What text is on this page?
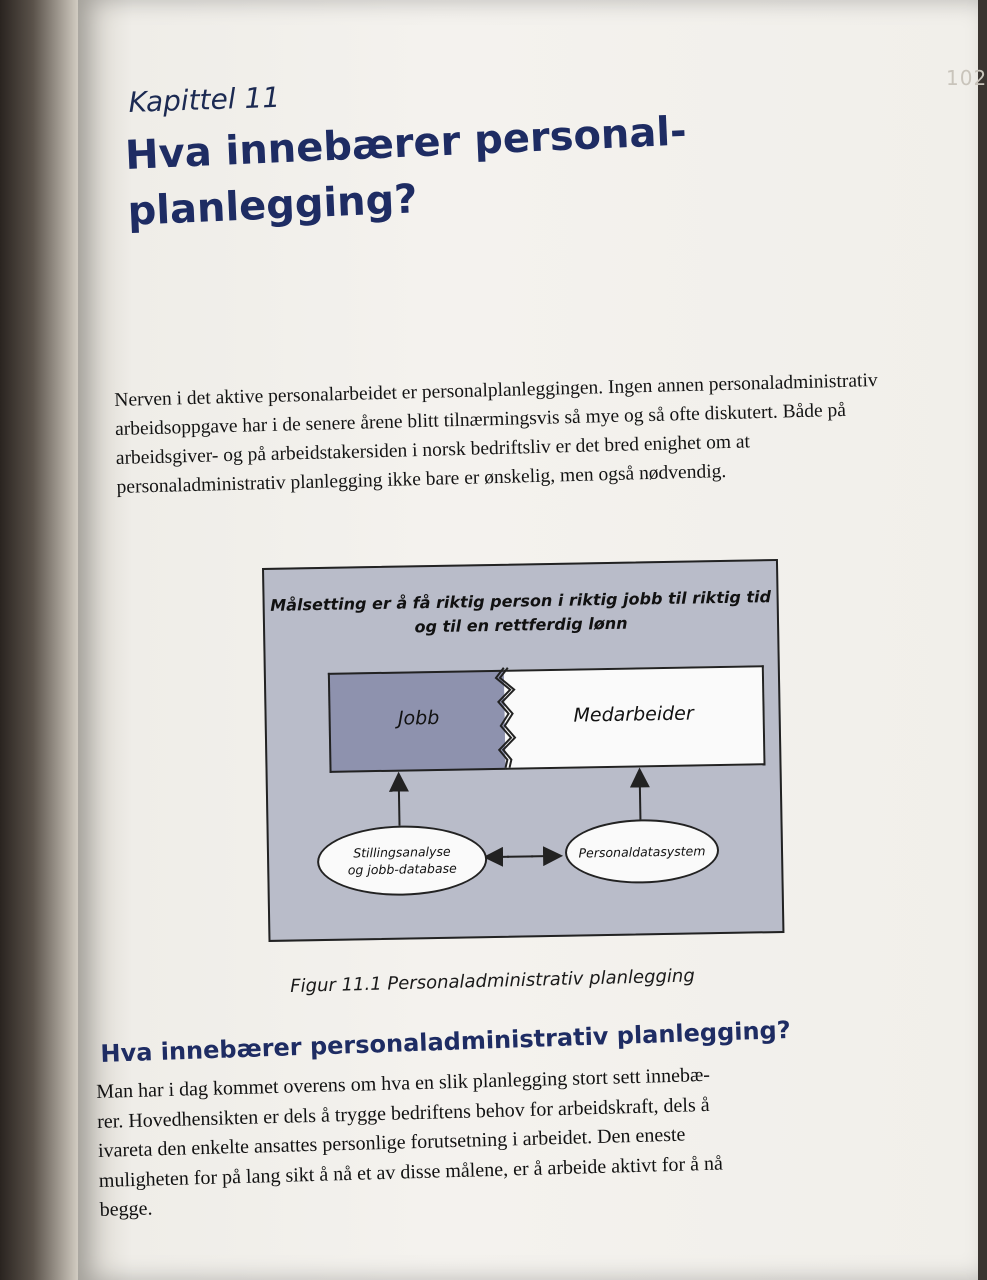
102

Kapittel 11

Hva innebærer personal-planlegging?

Nerven i det aktive personalarbeidet er personalplanleggingen. Ingen annen personaladministrativ arbeidsoppgave har i de senere årene blitt tilnærmingsvis så mye og så ofte diskutert. Både på arbeidsgiver- og på arbeidstakersiden i norsk bedriftsliv er det bred enighet om at personaladministrativ planlegging ikke bare er ønskelig, men også nødvendig.

Målsetting er å få riktig person i riktig jobb til riktig tid og til en rettferdig lønn

Jobb	Medarbeider

Stillingsanalyse
og jobb-database
Personaldatasystem

Figur 11.1 Personaladministrativ planlegging

Hva innebærer personaladministrativ planlegging?

Man har i dag kommet overens om hva en slik planlegging stort sett innebæ-
rer. Hovedhensikten er dels å trygge bedriftens behov for arbeidskraft, dels å
ivareta den enkelte ansattes personlige forutsetning i arbeidet. Den eneste
muligheten for på lang sikt å nå et av disse målene, er å arbeide aktivt for å nå
begge.
